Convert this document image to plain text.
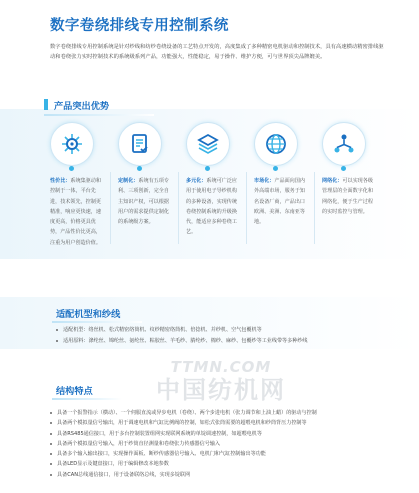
数字卷绕排线专用控制系统
数字卷绕排线专用控制系统是针对纱线和纺纱卷绕设备的工艺特点开发的，高度集成了多种精密电机驱动和控制技术，具有高速横动精密排线驱动和卷绕张力实时控制技术的系统级系列产品，功能强大，性能稳定，易于操作、维护方便，可与世界顶尖品牌媲美。
产品突出优势
性价比：系统集驱动和控制于一体，平台先进，技术领先，控制更精准，响应更快速，速度更高，价格更具优势，产品性价比更高，注重为用户创造价值。
定制化：系统有五项专利、三项创新，完全自主知识产权，可以根据用户的需求提供定制化的系统级方案。
多元化：系统可广泛应用于使用电子导纱机构的多种设备，实现传统卷绕控制系统的升级换代，能适应多种卷绕工艺。
市场化：产品面向国内外高端市场，服务于知名设备厂商，产品出口欧洲、美洲、东南亚等地。
网络化：可以实现各级管理层的全面数字化和网络化，便于生产过程的实时监控与管理。
适配机型和纱线
适配机型：络丝机、松式精密络筒机、纹纱精密络筒机、倍捻机、并纱机、空气包覆机等
适用原料：涤纶丝、锦纶丝、氨纶丝、粘胶丝、羊毛纱、腈纶纱、棉纱、麻纱、包覆纱等工业线带等多种纱线
TTMN.COM
中国纺机网
结构特点
具备一个报警指示（横动）、一个伺服直流或异步电机（卷绕）、两个步进电机（张力调节和上油上蜡）的驱动与控制
具备两个模拟量信号输出，用于调速电机和气缸比例阀的控制，如松式张筒需要的超喂电机和纱筒背压力控制等
具备RS485通信接口，用于多台控制装置组网实现联网系统的单锭调速控制，如超喂电机等
具备两个模拟量信号输入，用于纱筒直径测量和卷绕张力传感器信号输入
具备多个输入输出接口，实现操作面板、断纱传感器信号输入、电机门和气缸控制输出等功能
具备LED显示及键盘接口，用于编辑修改本地参数
具备CAN总线通信接口，用于设备联络总线，实现多锭联网
